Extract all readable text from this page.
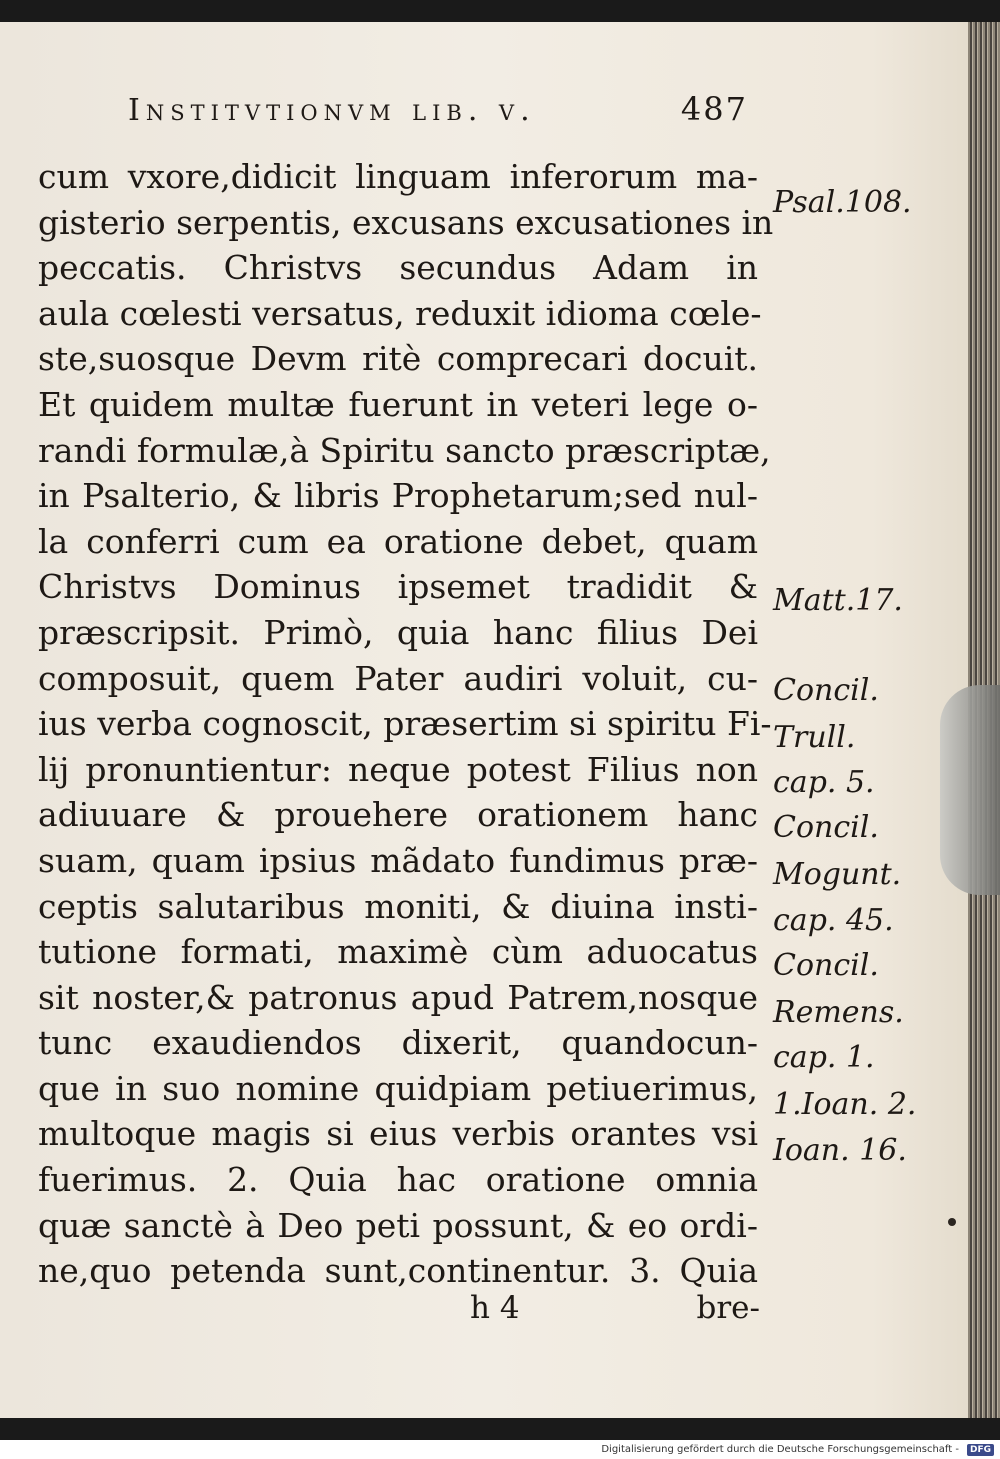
Institvtionvm lib. v.	487
cum vxore,didicit linguam inferorum ma-
gisterio serpentis, excusans excusationes in
peccatis. Christvs secundus Adam in
aula cœlesti versatus, reduxit idioma cœle-
ste,suosque Devm ritè comprecari docuit.
Et quidem multæ fuerunt in veteri lege o-
randi formulæ,à Spiritu sancto præscriptæ,
in Psalterio, & libris Prophetarum;sed nul-
la conferri cum ea oratione debet, quam
Christvs Dominus ipsemet tradidit &
præscripsit. Primò, quia hanc filius Dei
composuit, quem Pater audiri voluit, cu-
ius verba cognoscit, præsertim si spiritu Fi-
lij pronuntientur: neque potest Filius non
adiuuare & prouehere orationem hanc
suam, quam ipsius mãdato fundimus præ-
ceptis salutaribus moniti, & diuina insti-
tutione formati, maximè cùm aduocatus
sit noster,& patronus apud Patrem,nosque
tunc exaudiendos dixerit, quandocun-
que in suo nomine quidpiam petiuerimus,
multoque magis si eius verbis orantes vsi
fuerimus. 2. Quia hac oratione omnia
quæ sanctè à Deo peti possunt, & eo ordi-
ne,quo petenda sunt,continentur. 3. Quia
Psal.108.
Matt.17.
Concil.
Trull.
cap. 5.
Concil.
Mogunt.
cap. 45.
Concil.
Remens.
cap. 1.
1.Ioan. 2.
Ioan. 16.
h 4	bre-
Digitalisierung gefördert durch die Deutsche Forschungsgemeinschaft -	DFG
